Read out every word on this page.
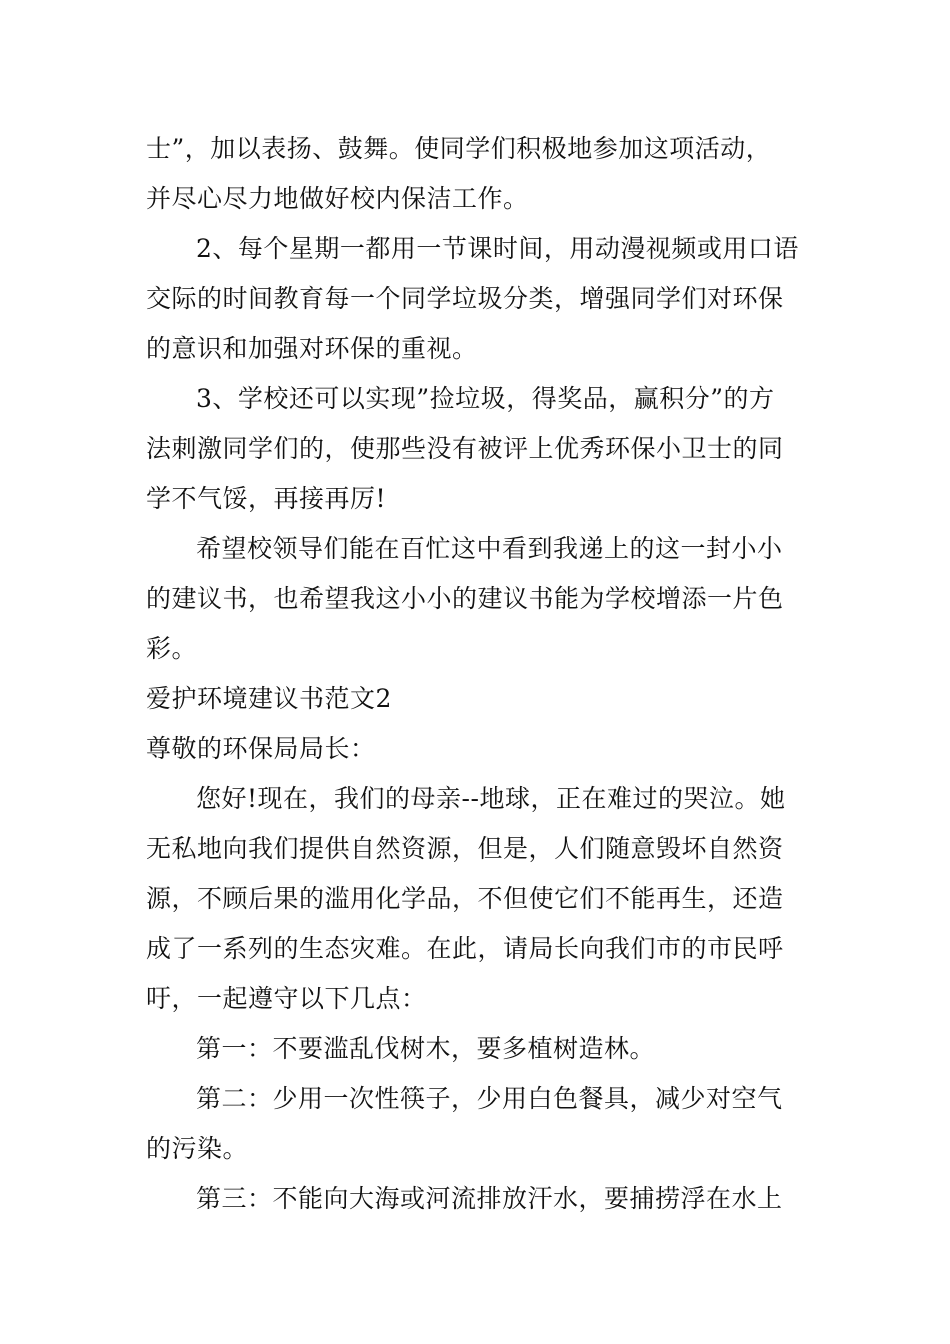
士”，加以表扬、鼓舞。使同学们积极地参加这项活动，
并尽心尽力地做好校内保洁工作。
2、每个星期一都用一节课时间，用动漫视频或用口语
交际的时间教育每一个同学垃圾分类，增强同学们对环保
的意识和加强对环保的重视。
3、学校还可以实现”捡垃圾，得奖品，赢积分”的方
法刺激同学们的，使那些没有被评上优秀环保小卫士的同
学不气馁，再接再厉!
希望校领导们能在百忙这中看到我递上的这一封小小
的建议书，也希望我这小小的建议书能为学校增添一片色
彩。
爱护环境建议书范文2
尊敬的环保局局长：
您好!现在，我们的母亲--地球，正在难过的哭泣。她
无私地向我们提供自然资源，但是，人们随意毁坏自然资
源，不顾后果的滥用化学品，不但使它们不能再生，还造
成了一系列的生态灾难。在此，请局长向我们市的市民呼
吁，一起遵守以下几点：
第一：不要滥乱伐树木，要多植树造林。
第二：少用一次性筷子，少用白色餐具，减少对空气
的污染。
第三：不能向大海或河流排放汗水，要捕捞浮在水上
